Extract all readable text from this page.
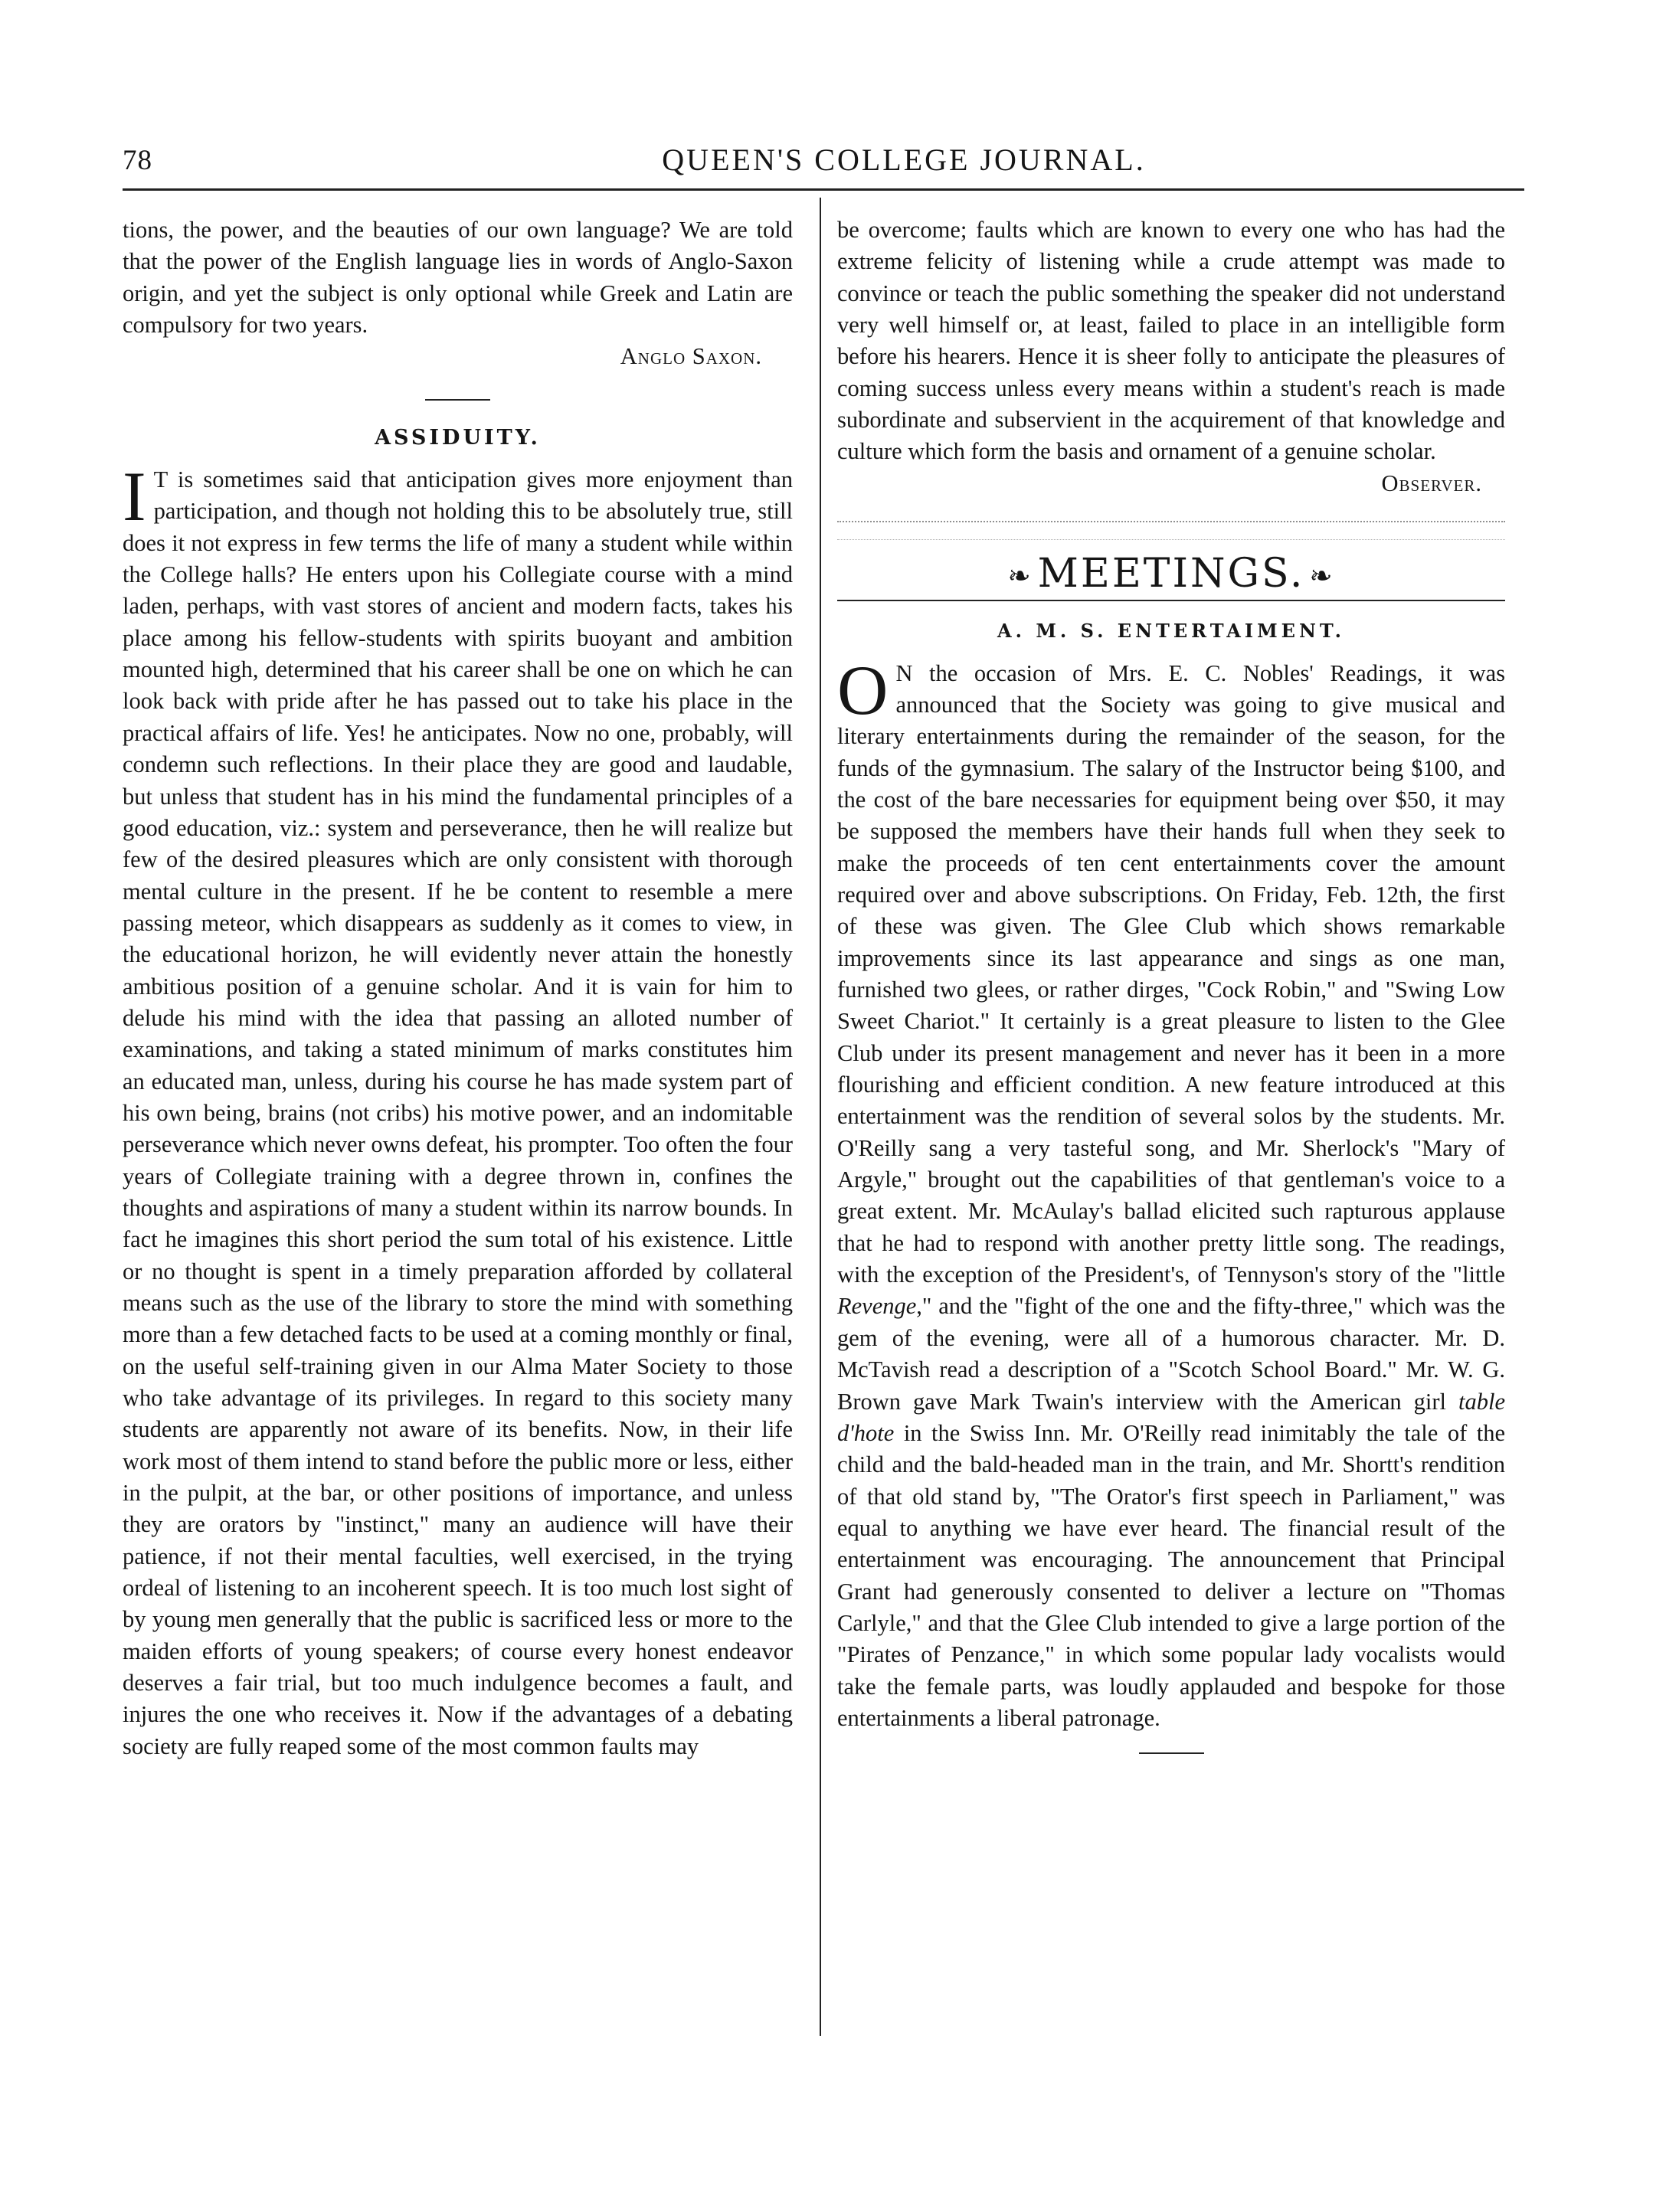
78	QUEEN'S COLLEGE JOURNAL.

tions, the power, and the beauties of our own language? We are told that the power of the English language lies in words of Anglo-Saxon origin, and yet the subject is only optional while Greek and Latin are compulsory for two years.

Anglo Saxon.

ASSIDUITY.

I T is sometimes said that anticipation gives more enjoyment than participation, and though not holding this to be absolutely true, still does it not express in few terms the life of many a student while within the College halls? He enters upon his Collegiate course with a mind laden, perhaps, with vast stores of ancient and modern facts, takes his place among his fellow-students with spirits buoyant and ambition mounted high, determined that his career shall be one on which he can look back with pride after he has passed out to take his place in the practical affairs of life. Yes! he anticipates. Now no one, probably, will condemn such reflections. In their place they are good and laudable, but unless that student has in his mind the fundamental principles of a good education, viz.: system and perseverance, then he will realize but few of the desired pleasures which are only consistent with thorough mental culture in the present. If he be content to resemble a mere passing meteor, which disappears as suddenly as it comes to view, in the educational horizon, he will evidently never attain the honestly ambitious position of a genuine scholar. And it is vain for him to delude his mind with the idea that passing an alloted number of examinations, and taking a stated minimum of marks constitutes him an educated man, unless, during his course he has made system part of his own being, brains (not cribs) his motive power, and an indomitable perseverance which never owns defeat, his prompter. Too often the four years of Collegiate training with a degree thrown in, confines the thoughts and aspirations of many a student within its narrow bounds. In fact he imagines this short period the sum total of his existence. Little or no thought is spent in a timely preparation afforded by collateral means such as the use of the library to store the mind with something more than a few detached facts to be used at a coming monthly or final, on the useful self-training given in our Alma Mater Society to those who take advantage of its privileges. In regard to this society many students are apparently not aware of its benefits. Now, in their life work most of them intend to stand before the public more or less, either in the pulpit, at the bar, or other positions of importance, and unless they are orators by "instinct," many an audience will have their patience, if not their mental faculties, well exercised, in the trying ordeal of listening to an incoherent speech. It is too much lost sight of by young men generally that the public is sacrificed less or more to the maiden efforts of young speakers; of course every honest endeavor deserves a fair trial, but too much indulgence becomes a fault, and injures the one who receives it. Now if the advantages of a debating society are fully reaped some of the most common faults may

be overcome; faults which are known to every one who has had the extreme felicity of listening while a crude attempt was made to convince or teach the public something the speaker did not understand very well himself or, at least, failed to place in an intelligible form before his hearers. Hence it is sheer folly to anticipate the pleasures of coming success unless every means within a student's reach is made subordinate and subservient in the acquirement of that knowledge and culture which form the basis and ornament of a genuine scholar.

Observer.

❧ MEETINGS. ❧
A. M. S. ENTERTAIMENT.

O N the occasion of Mrs. E. C. Nobles' Readings, it was announced that the Society was going to give musical and literary entertainments during the remainder of the season, for the funds of the gymnasium. The salary of the Instructor being $100, and the cost of the bare necessaries for equipment being over $50, it may be supposed the members have their hands full when they seek to make the proceeds of ten cent entertainments cover the amount required over and above subscriptions. On Friday, Feb. 12th, the first of these was given. The Glee Club which shows remarkable improvements since its last appearance and sings as one man, furnished two glees, or rather dirges, "Cock Robin," and "Swing Low Sweet Chariot." It certainly is a great pleasure to listen to the Glee Club under its present management and never has it been in a more flourishing and efficient condition. A new feature introduced at this entertainment was the rendition of several solos by the students. Mr. O'Reilly sang a very tasteful song, and Mr. Sherlock's "Mary of Argyle," brought out the capabilities of that gentleman's voice to a great extent. Mr. McAulay's ballad elicited such rapturous applause that he had to respond with another pretty little song. The readings, with the exception of the President's, of Tennyson's story of the "little Revenge," and the "fight of the one and the fifty-three," which was the gem of the evening, were all of a humorous character. Mr. D. McTavish read a description of a "Scotch School Board." Mr. W. G. Brown gave Mark Twain's interview with the American girl table d'hote in the Swiss Inn. Mr. O'Reilly read inimitably the tale of the child and the bald-headed man in the train, and Mr. Shortt's rendition of that old stand by, "The Orator's first speech in Parliament," was equal to anything we have ever heard. The financial result of the entertainment was encouraging. The announcement that Principal Grant had generously consented to deliver a lecture on "Thomas Carlyle," and that the Glee Club intended to give a large portion of the "Pirates of Penzance," in which some popular lady vocalists would take the female parts, was loudly applauded and bespoke for those entertainments a liberal patronage.
